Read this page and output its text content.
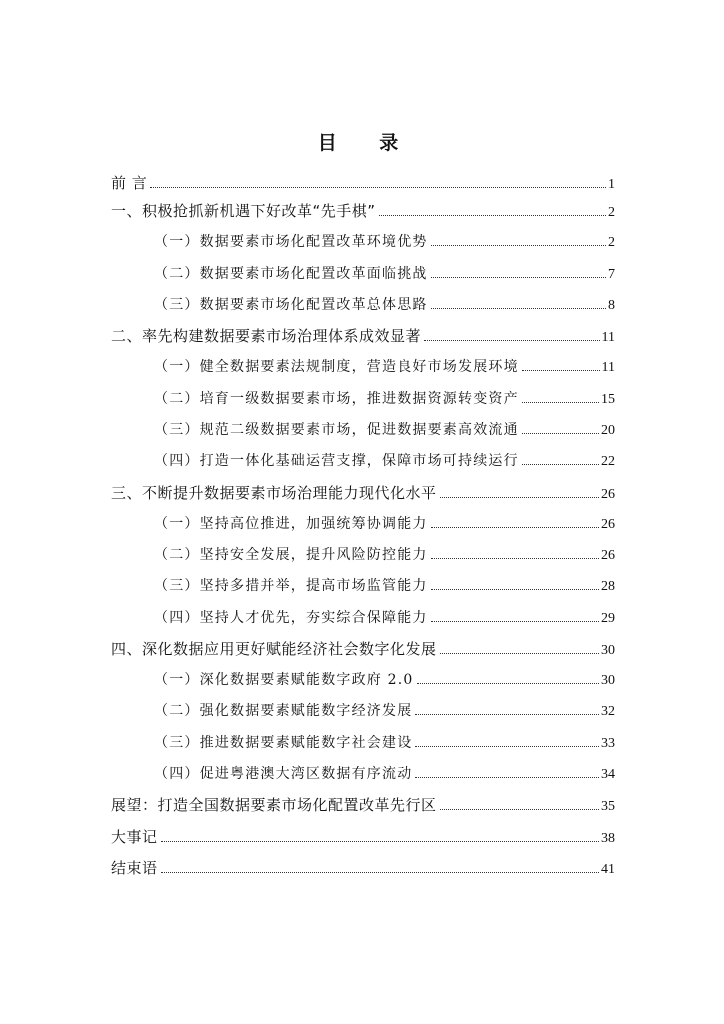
目 录
前 言	1
一、积极抢抓新机遇下好改革“先手棋”	2
（一）数据要素市场化配置改革环境优势	2
（二）数据要素市场化配置改革面临挑战	7
（三）数据要素市场化配置改革总体思路	8
二、率先构建数据要素市场治理体系成效显著	11
（一）健全数据要素法规制度，营造良好市场发展环境	11
（二）培育一级数据要素市场，推进数据资源转变资产	15
（三）规范二级数据要素市场，促进数据要素高效流通	20
（四）打造一体化基础运营支撑，保障市场可持续运行	22
三、不断提升数据要素市场治理能力现代化水平	26
（一）坚持高位推进，加强统筹协调能力	26
（二）坚持安全发展，提升风险防控能力	26
（三）坚持多措并举，提高市场监管能力	28
（四）坚持人才优先，夯实综合保障能力	29
四、深化数据应用更好赋能经济社会数字化发展	30
（一）深化数据要素赋能数字政府 2.0	30
（二）强化数据要素赋能数字经济发展	32
（三）推进数据要素赋能数字社会建设	33
（四）促进粤港澳大湾区数据有序流动	34
展望：打造全国数据要素市场化配置改革先行区	35
大事记	38
结束语	41
